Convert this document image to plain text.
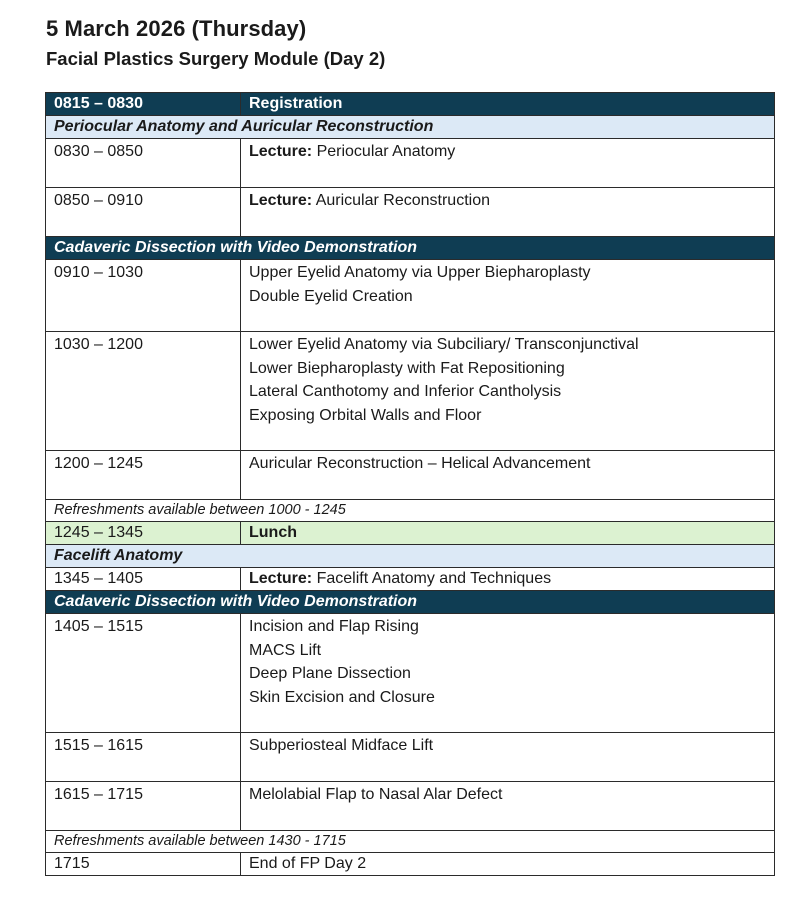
5 March 2026 (Thursday)
Facial Plastics Surgery Module (Day 2)
0815 – 0830	Registration
Periocular Anatomy and Auricular Reconstruction	
0830 – 0850	Lecture: Periocular Anatomy
0850 – 0910	Lecture: Auricular Reconstruction
Cadaveric Dissection with Video Demonstration	
0910 – 1030	Upper Eyelid Anatomy via Upper Biepharoplasty
Double Eyelid Creation

1030 – 1200	Lower Eyelid Anatomy via Subciliary/ Transconjunctival
Lower Biepharoplasty with Fat Repositioning
Lateral Canthotomy and Inferior Cantholysis
Exposing Orbital Walls and Floor

1200 – 1245	Auricular Reconstruction – Helical Advancement
Refreshments available between 1000 - 1245	
1245 – 1345	Lunch
Facelift Anatomy	
1345 – 1405	Lecture: Facelift Anatomy and Techniques
Cadaveric Dissection with Video Demonstration	
1405 – 1515	Incision and Flap Rising
MACS Lift
Deep Plane Dissection
Skin Excision and Closure

1515 – 1615	Subperiosteal Midface Lift
1615 – 1715	Melolabial Flap to Nasal Alar Defect
Refreshments available between 1430 - 1715	
1715	End of FP Day 2
